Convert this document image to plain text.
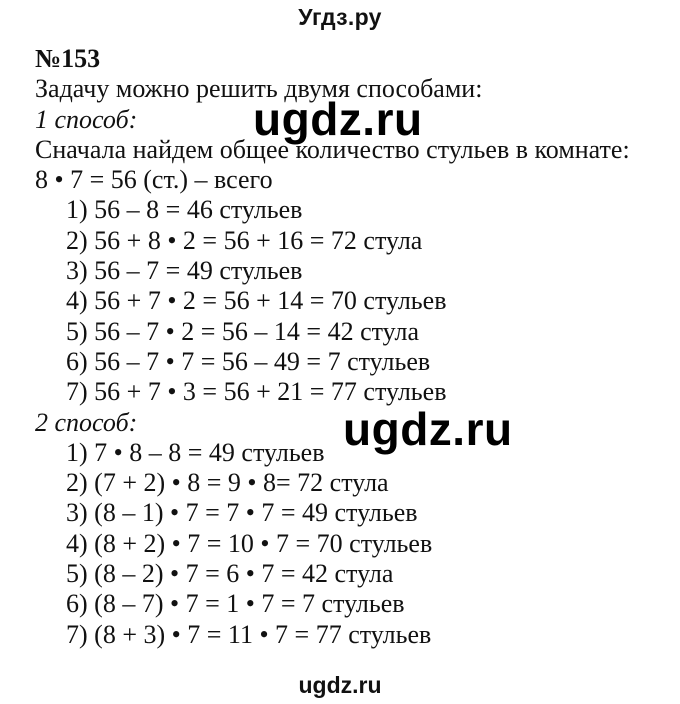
Угдз.ру
№153
Задачу можно решить двумя способами:
1 способ:
Сначала найдем общее количество стульев в комнате:
8 • 7 = 56 (ст.) – всего
1) 56 – 8 = 46 стульев
2) 56 + 8 • 2 = 56 + 16 = 72 стула
3) 56 – 7 = 49 стульев
4) 56 + 7 • 2 = 56 + 14 = 70 стульев
5) 56 – 7 • 2 = 56 – 14 = 42 стула
6) 56 – 7 • 7 = 56 – 49 = 7 стульев
7) 56 + 7 • 3 = 56 + 21 = 77 стульев
2 способ:
1) 7 • 8 – 8 = 49 стульев
2) (7 + 2) • 8 = 9 • 8= 72 стула
3) (8 – 1) • 7 = 7 • 7 = 49 стульев
4) (8 + 2) • 7 = 10 • 7 = 70 стульев
5) (8 – 2) • 7 = 6 • 7 = 42 стула
6) (8 – 7) • 7 = 1 • 7 = 7 стульев
7) (8 + 3) • 7 = 11 • 7 = 77 стульев
ugdz.ru
ugdz.ru
ugdz.ru
